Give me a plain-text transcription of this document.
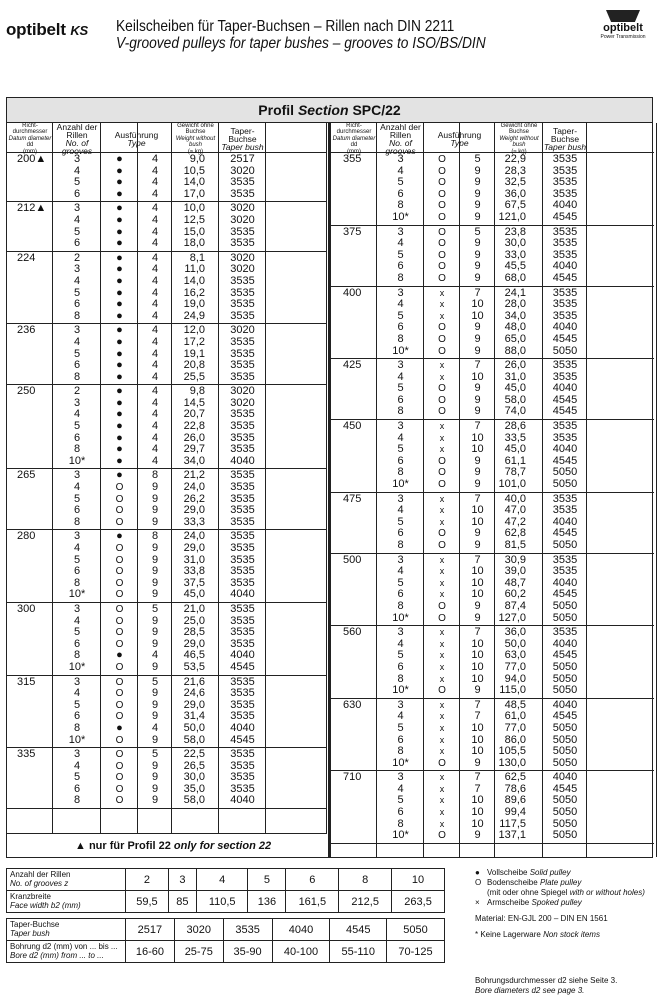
optibelt KS Keilscheiben für Taper-Buchsen – Rillen nach DIN 2211
V-grooved pulleys for taper bushes – grooves to ISO/BS/DIN
optibelt
Power Transmission
Profil Section SPC/22
Richt-durchmesser
Datum diameter
dd
(mm)
Anzahl der Rillen
No. of grooves
Ausführung
Type
Gewicht ohne Buchse
Weight without bush
(≈ kg)
Taper-Buchse
Taper bush
200▲	3	●	4	9,0	2517
4	●	4	10,5	3020
5	●	4	14,0	3535
6	●	4	17,0	3535
212▲	3	●	4	10,0	3020
4	●	4	12,5	3020
5	●	4	15,0	3535
6	●	4	18,0	3535
224	2	●	4	8,1	3020
3	●	4	11,0	3020
4	●	4	14,0	3535
5	●	4	16,2	3535
6	●	4	19,0	3535
8	●	4	24,9	3535
236	3	●	4	12,0	3020
4	●	4	17,2	3535
5	●	4	19,1	3535
6	●	4	20,8	3535
8	●	4	25,5	3535
250	2	●	4	9,8	3020
3	●	4	14,5	3020
4	●	4	20,7	3535
5	●	4	22,8	3535
6	●	4	26,0	3535
8	●	4	29,7	3535
10*	●	4	34,0	4040
265	3	●	8	21,2	3535
4	O	9	24,0	3535
5	O	9	26,2	3535
6	O	9	29,0	3535
8	O	9	33,3	3535
280	3	●	8	24,0	3535
4	O	9	29,0	3535
5	O	9	31,0	3535
6	O	9	33,8	3535
8	O	9	37,5	3535
10*	O	9	45,0	4040
300	3	O	5	21,0	3535
4	O	9	25,0	3535
5	O	9	28,5	3535
6	O	9	29,0	3535
8	●	4	46,5	4040
10*	O	9	53,5	4545
315	3	O	5	21,6	3535
4	O	9	24,6	3535
5	O	9	29,0	3535
6	O	9	31,4	3535
8	●	4	50,0	4040
10*	O	9	58,0	4545
335	3	O	5	22,5	3535
4	O	9	26,5	3535
5	O	9	30,0	3535
6	O	9	35,0	3535
8	O	9	58,0	4040
▲ nur für Profil 22 only for section 22
Richt-durchmesser
Datum diameter
dd
(mm)
Anzahl der Rillen
No. of grooves
Ausführung
Type
Gewicht ohne Buchse
Weight without bush
(≈ kg)
Taper-Buchse
Taper bush
355	3	O	5	22,9	3535
4	O	9	28,3	3535
5	O	9	32,5	3535
6	O	9	36,0	3535
8	O	9	67,5	4040
10*	O	9	121,0	4545
375	3	O	5	23,8	3535
4	O	9	30,0	3535
5	O	9	33,0	3535
6	O	9	45,5	4040
8	O	9	68,0	4545
400	3	x	7	24,1	3535
4	x	10	28,0	3535
5	x	10	34,0	3535
6	O	9	48,0	4040
8	O	9	65,0	4545
10*	O	9	88,0	5050
425	3	x	7	26,0	3535
4	x	10	31,0	3535
5	O	9	45,0	4040
6	O	9	58,0	4545
8	O	9	74,0	4545
450	3	x	7	28,6	3535
4	x	10	33,5	3535
5	x	10	45,0	4040
6	O	9	61,1	4545
8	O	9	78,7	5050
10*	O	9	101,0	5050
475	3	x	7	40,0	3535
4	x	10	47,0	3535
5	x	10	47,2	4040
6	O	9	62,8	4545
8	O	9	81,5	5050
500	3	x	7	30,9	3535
4	x	10	39,0	3535
5	x	10	48,7	4040
6	x	10	60,2	4545
8	O	9	87,4	5050
10*	O	9	127,0	5050
560	3	x	7	36,0	3535
4	x	10	50,0	4040
5	x	10	63,0	4545
6	x	10	77,0	5050
8	x	10	94,0	5050
10*	O	9	115,0	5050
630	3	x	7	48,5	4040
4	x	7	61,0	4545
5	x	10	77,0	5050
6	x	10	86,0	5050
8	x	10	105,5	5050
10*	O	9	130,0	5050
710	3	x	7	62,5	4040
4	x	7	78,6	4545
5	x	10	89,6	5050
6	x	10	99,4	5050
8	x	10	117,5	5050
10*	O	9	137,1	5050
Anzahl der Rillen
No. of grooves z	2	3	4	5	6	8	10
Kranzbreite
Face width b2 (mm)	59,5	85	110,5	136	161,5	212,5	263,5
Taper-Buchse
Taper bush	2517	3020	3535	4040	4545	5050
Bohrung d2 (mm) von ... bis ...
Bore d2 (mm) from ... to ...	16-60	25-75	35-90	40-100	55-110	70-125
● Vollscheibe Solid pulley
O Bodenscheibe Plate pulley
(mit oder ohne Spiegel with or without holes)
× Armscheibe Spoked pulley
Material: EN-GJL 200 – DIN EN 1561
* Keine Lagerware Non stock items
Bohrungsdurchmesser d2 siehe Seite 3.
Bore diameters d2 see page 3.
